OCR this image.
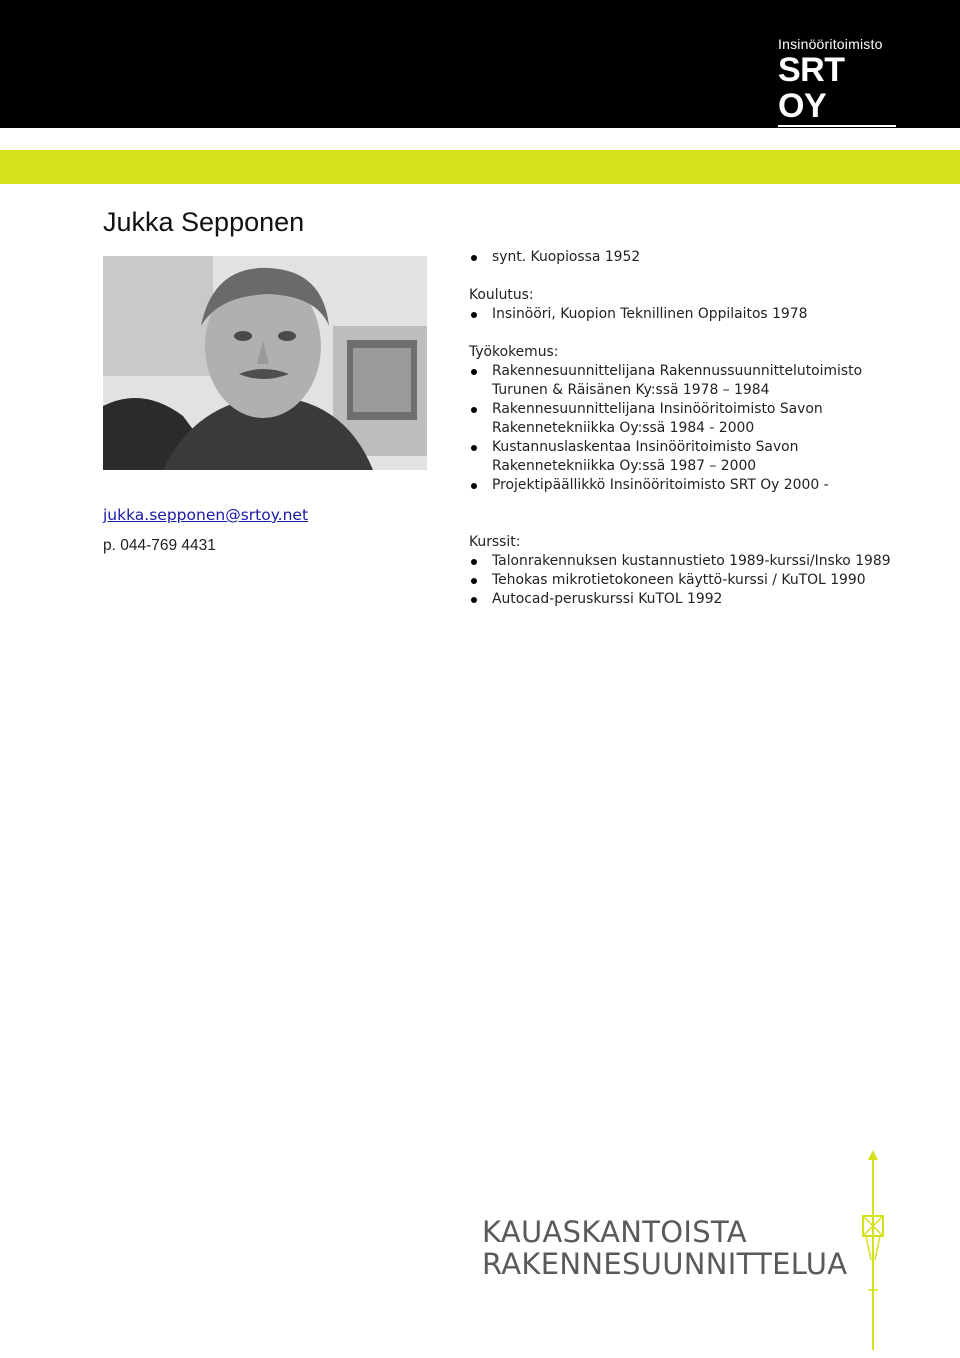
Insinööritoimisto
SRT OY
Jukka Sepponen
jukka.sepponen@srtoy.net
p. 044-769 4431
synt. Kuopiossa 1952
Koulutus:
Insinööri, Kuopion Teknillinen Oppilaitos 1978
Työkokemus:
Rakennesuunnittelijana Rakennussuunnittelutoimisto Turunen & Räisänen Ky:ssä 1978 – 1984
Rakennesuunnittelijana Insinööritoimisto Savon Rakennetekniikka Oy:ssä 1984 - 2000
Kustannuslaskentaa Insinööritoimisto Savon Rakennetekniikka Oy:ssä 1987 – 2000
Projektipäällikkö Insinööritoimisto SRT Oy 2000 -
Kurssit:
Talonrakennuksen kustannustieto 1989-kurssi/Insko 1989
Tehokas mikrotietokoneen käyttö-kurssi / KuTOL 1990
Autocad-peruskurssi KuTOL 1992
KAUASKANTOISTA
RAKENNESUUNNITTELUA
